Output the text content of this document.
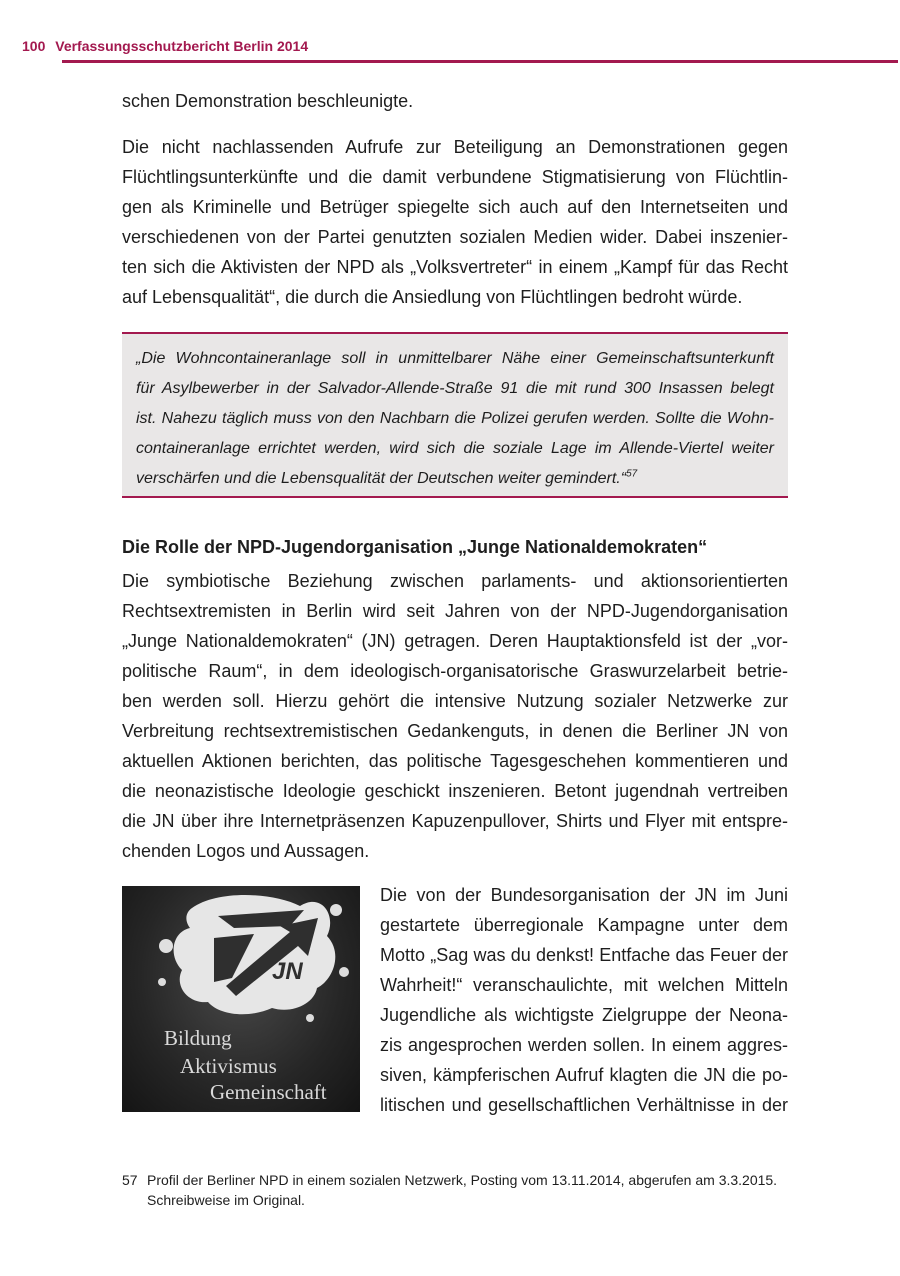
100 Verfassungsschutzbericht Berlin 2014

schen Demonstration beschleunigte.

Die nicht nachlassenden Aufrufe zur Beteiligung an Demonstrationen gegen
Flüchtlingsunterkünfte und die damit verbundene Stigmatisierung von Flüchtlin-
gen als Kriminelle und Betrüger spiegelte sich auch auf den Internetseiten und
verschiedenen von der Partei genutzten sozialen Medien wider. Dabei inszenier-
ten sich die Aktivisten der NPD als „Volksvertreter“ in einem „Kampf für das Recht
auf Lebensqualität“, die durch die Ansiedlung von Flüchtlingen bedroht würde.

„Die Wohncontaineranlage soll in unmittelbarer Nähe einer Gemeinschaftsunterkunft
für Asylbewerber in der Salvador-Allende-Straße 91 die mit rund 300 Insassen belegt
ist. Nahezu täglich muss von den Nachbarn die Polizei gerufen werden. Sollte die Wohn-
containeranlage errichtet werden, wird sich die soziale Lage im Allende-Viertel weiter
verschärfen und die Lebensqualität der Deutschen weiter gemindert.“$^{57}$

Die Rolle der NPD-Jugendorganisation „Junge Nationaldemokraten“

Die symbiotische Beziehung zwischen parlaments- und aktionsorientierten
Rechtsextremisten in Berlin wird seit Jahren von der NPD-Jugendorganisation
„Junge Nationaldemokraten“ (JN) getragen. Deren Hauptaktionsfeld ist der „vor-
politische Raum“, in dem ideologisch-organisatorische Graswurzelarbeit betrie-
ben werden soll. Hierzu gehört die intensive Nutzung sozialer Netzwerke zur
Verbreitung rechtsextremistischen Gedankenguts, in denen die Berliner JN von
aktuellen Aktionen berichten, das politische Tagesgeschehen kommentieren und
die neonazistische Ideologie geschickt inszenieren. Betont jugendnah vertreiben
die JN über ihre Internetpräsenzen Kapuzenpullover, Shirts und Flyer mit entspre-
chenden Logos und Aussagen.

JN
Bildung
Aktivismus
Gemeinschaft

Die von der Bundesorganisation der JN im Juni
gestartete überregionale Kampagne unter dem
Motto „Sag was du denkst! Entfache das Feuer der
Wahrheit!“ veranschaulichte, mit welchen Mitteln
Jugendliche als wichtigste Zielgruppe der Neona-
zis angesprochen werden sollen. In einem aggres-
siven, kämpferischen Aufruf klagten die JN die po-
litischen und gesellschaftlichen Verhältnisse in der

57 Profil der Berliner NPD in einem sozialen Netzwerk, Posting vom 13.11.2014, abgerufen am 3.3.2015.
Schreibweise im Original.
